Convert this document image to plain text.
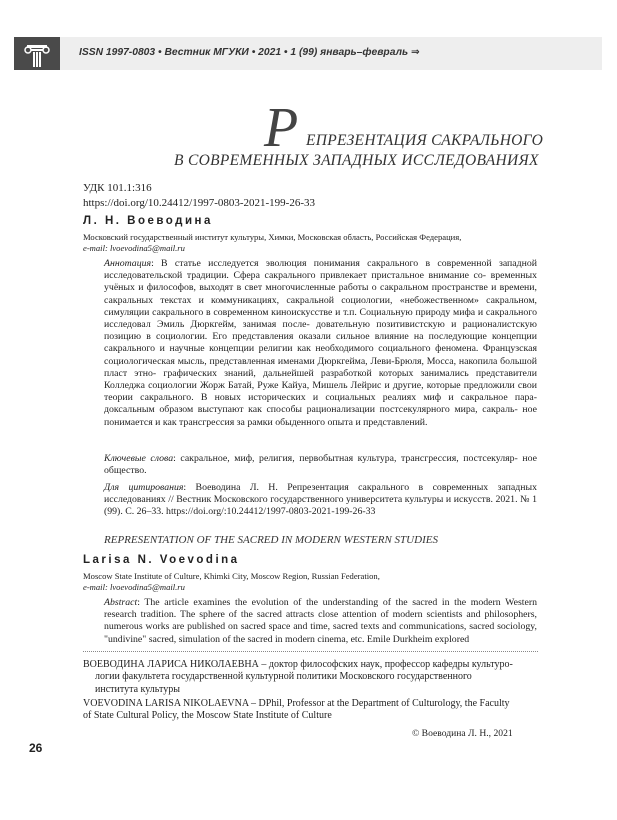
ISSN 1997-0803 • Вестник МГУКИ • 2021 • 1 (99) январь–февраль ⇒
Р ЕПРЕЗЕНТАЦИЯ САКРАЛЬНОГО
В СОВРЕМЕННЫХ ЗАПАДНЫХ ИССЛЕДОВАНИЯХ
УДК 101.1:316
https://doi.org/10.24412/1997-0803-2021-199-26-33
Л. Н. Воеводина
Московский государственный институт культуры, Химки, Московская область, Российская Федерация,
e-mail: lvoevodina5@mail.ru
Аннотация: В статье исследуется эволюция понимания сакрального в современной западной исследовательской традиции. Сфера сакрального привлекает пристальное внимание со- временных учёных и философов, выходят в свет многочисленные работы о сакральном пространстве и времени, сакральных текстах и коммуникациях, сакральной социологии, «небожественном» сакральном, симуляции сакрального в современном киноискусстве и т.п. Социальную природу мифа и сакрального исследовал Эмиль Дюркгейм, занимая после- довательную позитивистскую и рационалистскую позицию в социологии. Его представления оказали сильное влияние на последующие концепции сакрального и научные концепции религии как необходимого социального феномена. Французская социологическая мысль, представленная именами Дюркгейма, Леви-Брюля, Мосса, накопила большой пласт этно- графических знаний, дальнейшей разработкой которых занимались представители Колледжа социологии Жорж Батай, Руже Кайуа, Мишель Лейрис и другие, которые предложили свои теории сакрального. В новых исторических и социальных реалиях миф и сакральное пара- доксальным образом выступают как способы рационализации постсекулярного мира, сакраль- ное понимается и как трансгрессия за рамки обыденного опыта и представлений.
Ключевые слова: сакральное, миф, религия, первобытная культура, трансгрессия, постсекуляр- ное общество.
Для цитирования: Воеводина Л. Н. Репрезентация сакрального в современных западных исследованиях // Вестник Московского государственного университета культуры и искусств. 2021. № 1 (99). С. 26–33. https://doi.org/:10.24412/1997-0803-2021-199-26-33
REPRESENTATION OF THE SACRED IN MODERN WESTERN STUDIES
Larisa N. Voevodina
Moscow State Institute of Culture, Khimki City, Moscow Region, Russian Federation,
e-mail: lvoevodina5@mail.ru
Abstract: The article examines the evolution of the understanding of the sacred in the modern Western research tradition. The sphere of the sacred attracts close attention of modern scientists and philosophers, numerous works are published on sacred space and time, sacred texts and communications, sacred sociology, "undivine" sacred, simulation of the sacred in modern cinema, etc. Emile Durkheim explored
ВОЕВОДИНА ЛАРИСА НИКОЛАЕВНА – доктор философских наук, профессор кафедры культуро-
логии факультета государственной культурной политики Московского государственного
института культуры
VOEVODINA LARISA NIKOLAEVNA – DPhil, Professor at the Department of Culturology, the Faculty
of State Cultural Policy, the Moscow State Institute of Culture
© Воеводина Л. Н., 2021
26
